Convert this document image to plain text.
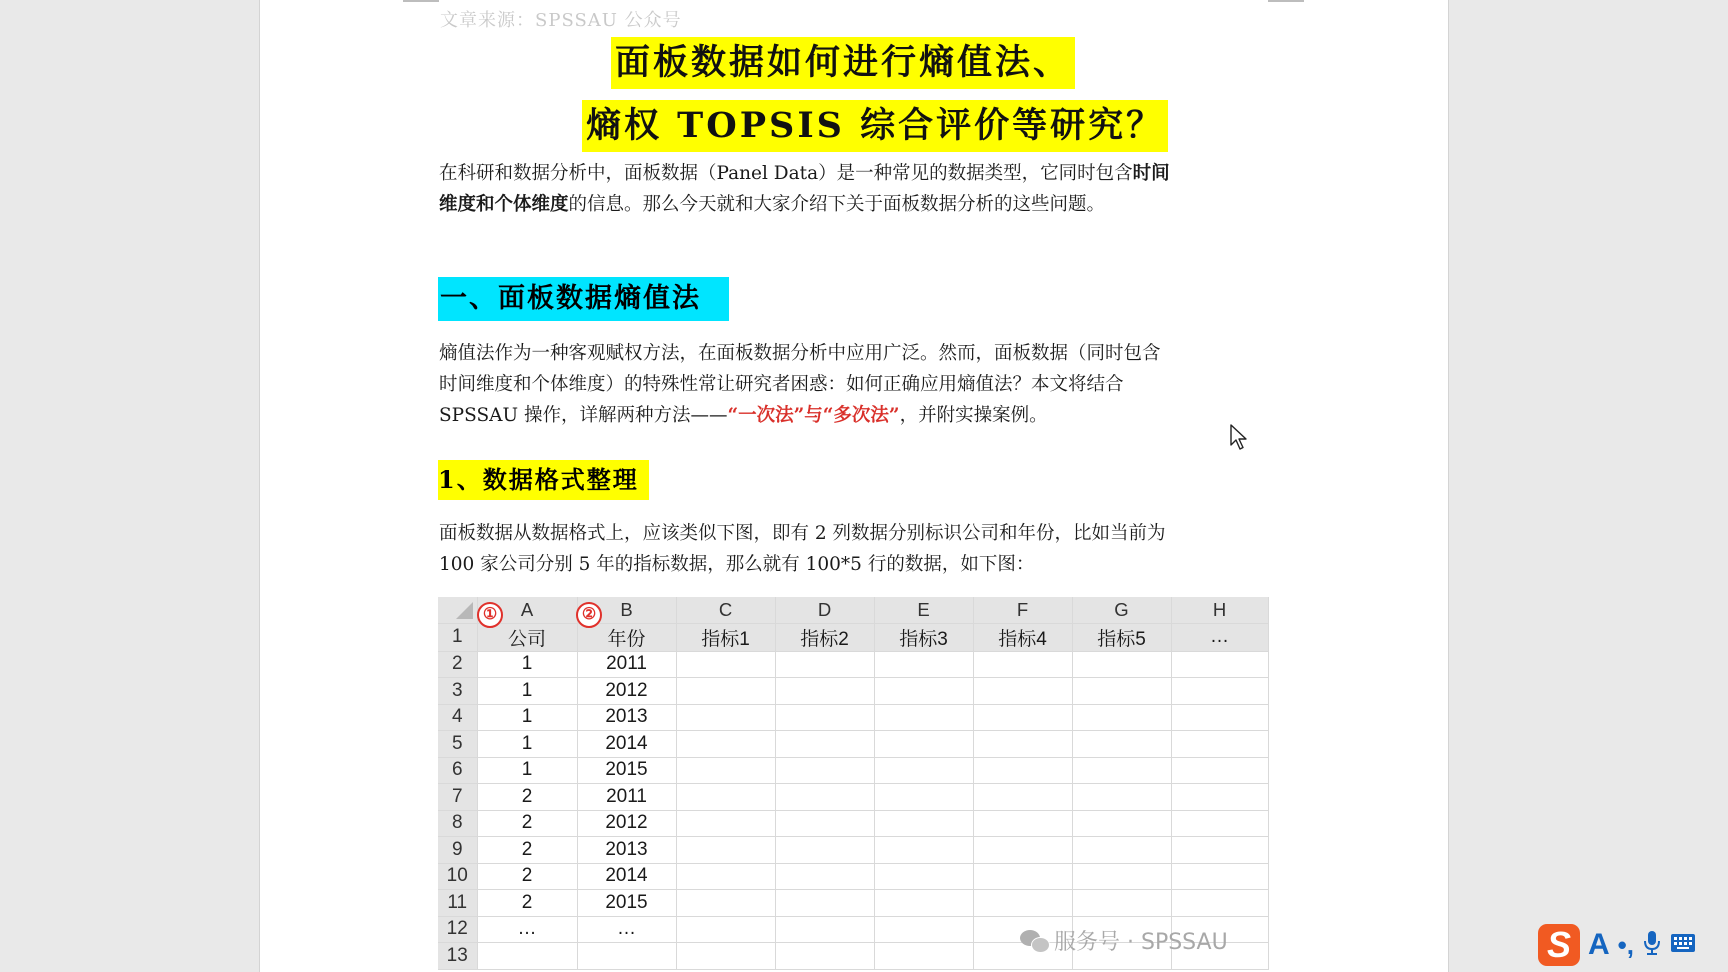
文章来源：SPSSAU 公众号
面板数据如何进行熵值法、
熵权 TOPSIS 综合评价等研究？
在科研和数据分析中，面板数据（Panel Data）是一种常见的数据类型，它同时包含时间
维度和个体维度的信息。那么今天就和大家介绍下关于面板数据分析的这些问题。
一、面板数据熵值法
熵值法作为一种客观赋权方法，在面板数据分析中应用广泛。然而，面板数据（同时包含
时间维度和个体维度）的特殊性常让研究者困惑：如何正确应用熵值法？本文将结合
SPSSAU 操作，详解两种方法——“一次法”与“多次法”，并附实操案例。
1、数据格式整理
面板数据从数据格式上，应该类似下图，即有 2 列数据分别标识公司和年份，比如当前为
100 家公司分别 5 年的指标数据，那么就有 100*5 行的数据，如下图：
①	②
	A	B	C	D	E	F	G	H
1	公司	年份	指标1	指标2	指标3	指标4	指标5	…
2	1	2011						
3	1	2012						
4	1	2013						
5	1	2014						
6	1	2015						
7	2	2011						
8	2	2012						
9	2	2013						
10	2	2014						
11	2	2015						
12	…	…						
13								
服务号 · SPSSAU	S A •,
